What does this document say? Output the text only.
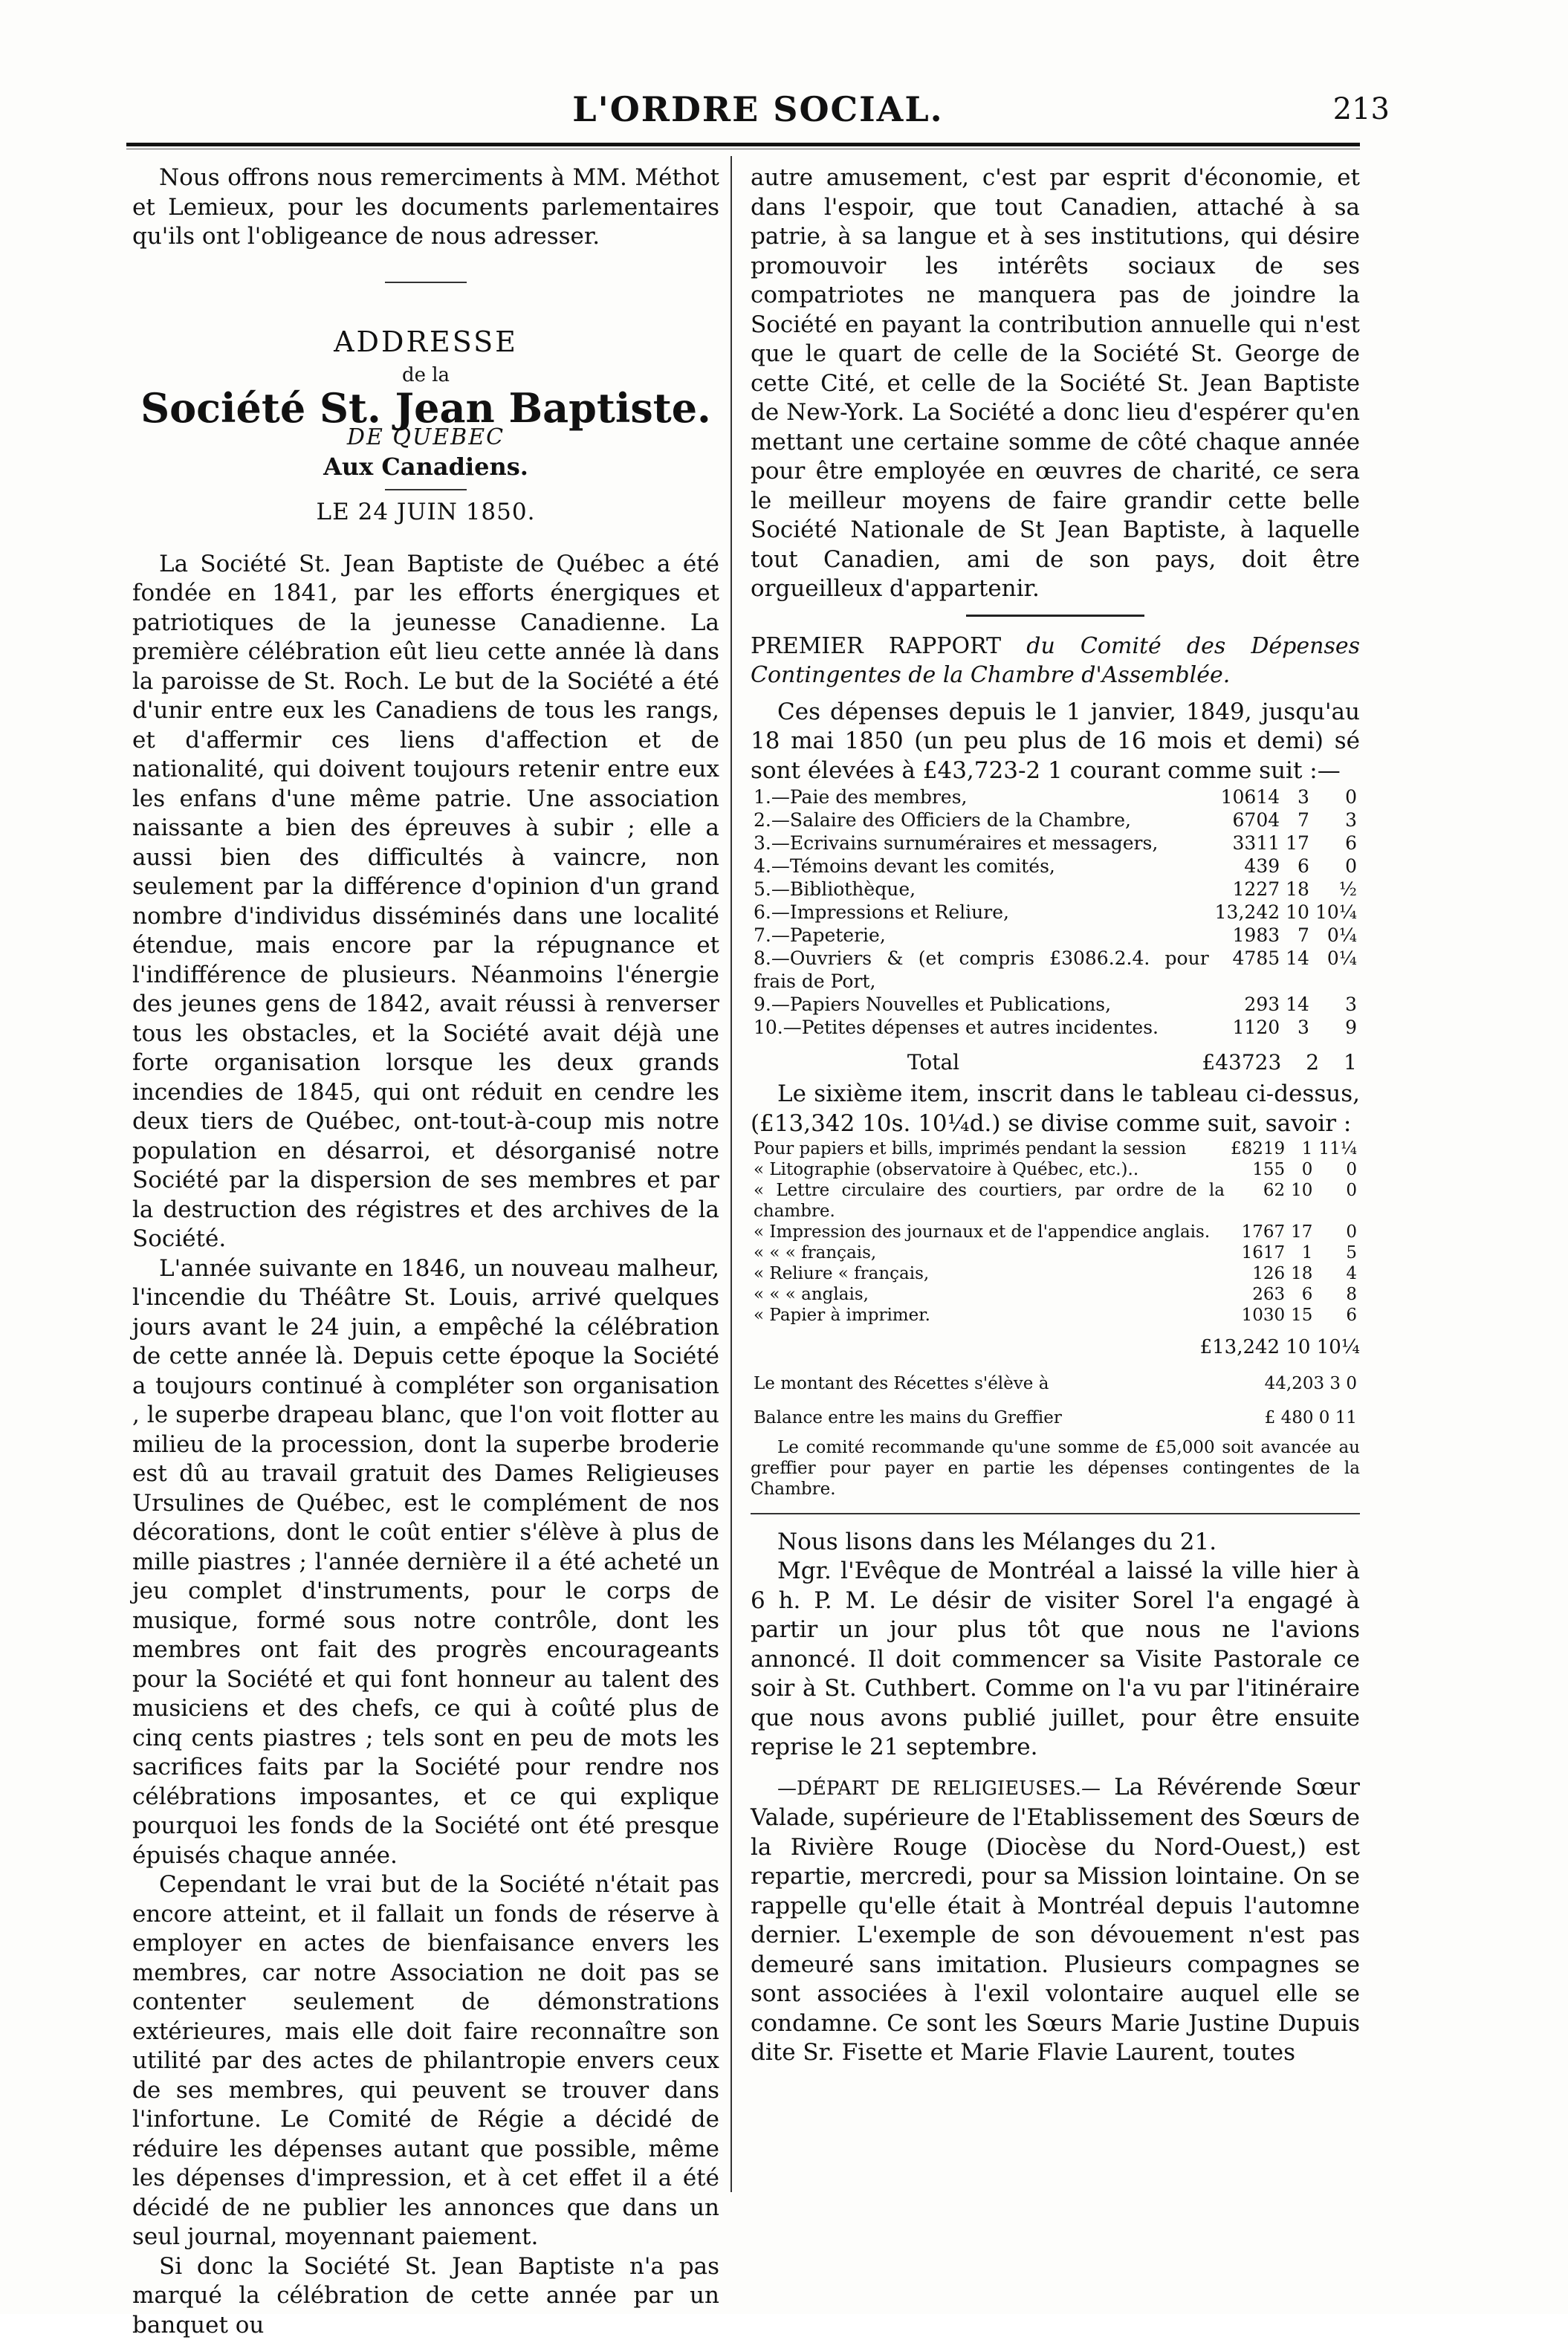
L'ORDRE SOCIAL.	213

Nous offrons nous remerciments à MM. Méthot et Lemieux, pour les documents parlementaires qu'ils ont l'obligeance de nous adresser.

ADDRESSE
de la
Société St. Jean Baptiste.
DE QUEBEC
Aux Canadiens.
LE 24 JUIN 1850.

La Société St. Jean Baptiste de Québec a été fondée en 1841, par les efforts énergiques et patriotiques de la jeunesse Canadienne. La première célébration eût lieu cette année là dans la paroisse de St. Roch. Le but de la Société a été d'unir entre eux les Canadiens de tous les rangs, et d'affermir ces liens d'affection et de nationalité, qui doivent toujours retenir entre eux les enfans d'une même patrie. Une association naissante a bien des épreuves à subir ; elle a aussi bien des difficultés à vaincre, non seulement par la différence d'opinion d'un grand nombre d'individus disséminés dans une localité étendue, mais encore par la répugnance et l'indifférence de plusieurs. Néanmoins l'énergie des jeunes gens de 1842, avait réussi à renverser tous les obstacles, et la Société avait déjà une forte organisation lorsque les deux grands incendies de 1845, qui ont réduit en cendre les deux tiers de Québec, ont-tout-à-coup mis notre population en désarroi, et désorganisé notre Société par la dispersion de ses membres et par la destruction des régistres et des archives de la Société.

L'année suivante en 1846, un nouveau malheur, l'incendie du Théâtre St. Louis, arrivé quelques jours avant le 24 juin, a empêché la célébration de cette année là. Depuis cette époque la Société a toujours continué à compléter son organisation , le superbe drapeau blanc, que l'on voit flotter au milieu de la procession, dont la superbe broderie est dû au travail gratuit des Dames Religieuses Ursulines de Québec, est le complément de nos décorations, dont le coût entier s'élève à plus de mille piastres ; l'année dernière il a été acheté un jeu complet d'instruments, pour le corps de musique, formé sous notre contrôle, dont les membres ont fait des progrès encourageants pour la Société et qui font honneur au talent des musiciens et des chefs, ce qui à coûté plus de cinq cents piastres ; tels sont en peu de mots les sacrifices faits par la Société pour rendre nos célébrations imposantes, et ce qui explique pourquoi les fonds de la Société ont été presque épuisés chaque année.

Cependant le vrai but de la Société n'était pas encore atteint, et il fallait un fonds de réserve à employer en actes de bienfaisance envers les membres, car notre Association ne doit pas se contenter seulement de démonstrations extérieures, mais elle doit faire reconnaître son utilité par des actes de philantropie envers ceux de ses membres, qui peuvent se trouver dans l'infortune. Le Comité de Régie a décidé de réduire les dépenses autant que possible, même les dépenses d'impression, et à cet effet il a été décidé de ne publier les annonces que dans un seul journal, moyennant paiement.

Si donc la Société St. Jean Baptiste n'a pas marqué la célébration de cette année par un banquet ou

autre amusement, c'est par esprit d'économie, et dans l'espoir, que tout Canadien, attaché à sa patrie, à sa langue et à ses institutions, qui désire promouvoir les intérêts sociaux de ses compatriotes ne manquera pas de joindre la Société en payant la contribution annuelle qui n'est que le quart de celle de la Société St. George de cette Cité, et celle de la Société St. Jean Baptiste de New-York. La Société a donc lieu d'espérer qu'en mettant une certaine somme de côté chaque année pour être employée en œuvres de charité, ce sera le meilleur moyens de faire grandir cette belle Société Nationale de St Jean Baptiste, à laquelle tout Canadien, ami de son pays, doit être orgueilleux d'appartenir.

PREMIER RAPPORT du Comité des Dépenses Contingentes de la Chambre d'Assemblée.

Ces dépenses depuis le 1 janvier, 1849, jusqu'au 18 mai 1850 (un peu plus de 16 mois et demi) sé sont élevées à £43,723-2 1 courant comme suit :—

1.—Paie des membres,	10614	3	0
2.—Salaire des Officiers de la Chambre,	6704	7	3
3.—Ecrivains surnuméraires et messagers,	3311	17	6
4.—Témoins devant les comités,	439	6	0
5.—Bibliothèque,	1227	18	½
6.—Impressions et Reliure,	13,242	10	10¼
7.—Papeterie,	1983	7	0¼
8.—Ouvriers & (et compris £3086.2.4. pour frais de Port,	4785	14	0¼
9.—Papiers Nouvelles et Publications,	293	14	3
10.—Petites dépenses et autres incidentes.	1120	3	9
Total	£43723	2	1

Le sixième item, inscrit dans le tableau ci-dessus, (£13,342 10s. 10¼d.) se divise comme suit, savoir :

Pour papiers et bills, imprimés pendant la session	£8219	1	11¼
« Litographie (observatoire à Québec, etc.)..	155	0	0
« Lettre circulaire des courtiers, par ordre de la chambre.	62	10	0
« Impression des journaux et de l'appendice anglais.	1767	17	0
« « « français,	1617	1	5
« Reliure « français,	126	18	4
« « « anglais,	263	6	8
« Papier à imprimer.	1030	15	6
£13,242 10 10¼
Le montant des Récettes s'élève à	44,203 3 0

Balance entre les mains du Greffier	£ 480 0 11

Le comité recommande qu'une somme de £5,000 soit avancée au greffier pour payer en partie les dépenses contingentes de la Chambre.

Nous lisons dans les Mélanges du 21.

Mgr. l'Evêque de Montréal a laissé la ville hier à 6 h. P. M. Le désir de visiter Sorel l'a engagé à partir un jour plus tôt que nous ne l'avions annoncé. Il doit commencer sa Visite Pastorale ce soir à St. Cuthbert. Comme on l'a vu par l'itinéraire que nous avons publié juillet, pour être ensuite reprise le 21 septembre.

—DÉPART DE RELIGIEUSES.— La Révérende Sœur Valade, supérieure de l'Etablissement des Sœurs de la Rivière Rouge (Diocèse du Nord-Ouest,) est repartie, mercredi, pour sa Mission lointaine. On se rappelle qu'elle était à Montréal depuis l'automne dernier. L'exemple de son dévouement n'est pas demeuré sans imitation. Plusieurs compagnes se sont associées à l'exil volontaire auquel elle se condamne. Ce sont les Sœurs Marie Justine Dupuis dite Sr. Fisette et Marie Flavie Laurent, toutes
